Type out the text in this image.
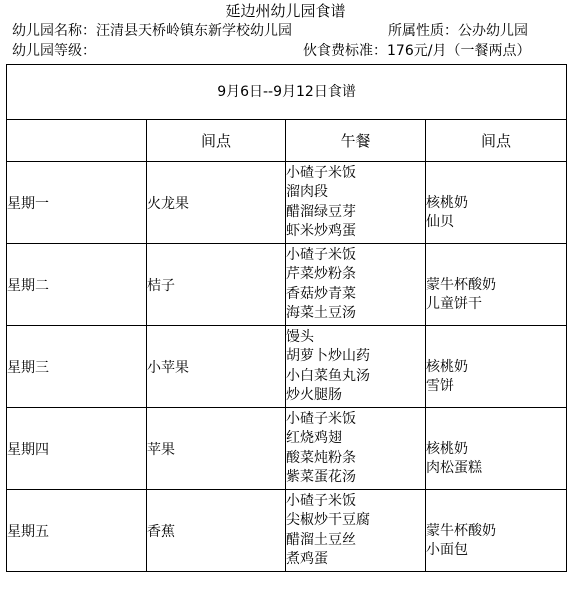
延边州幼儿园食谱
幼儿园名称：汪清县天桥岭镇东新学校幼儿园	所属性质：公办幼儿园
幼儿园等级：	伙食费标准：176元/月（一餐两点）
9月6日--9月12日食谱			
	间点	午餐	间点
星期一	火龙果	小碴子米饭
溜肉段
醋溜绿豆芽
虾米炒鸡蛋	核桃奶
仙贝

星期二	桔子	小碴子米饭
芹菜炒粉条
香菇炒青菜
海菜土豆汤	蒙牛杯酸奶
儿童饼干

星期三	小苹果	馒头
胡萝卜炒山药
小白菜鱼丸汤
炒火腿肠	核桃奶
雪饼

星期四	苹果	小碴子米饭
红烧鸡翅
酸菜炖粉条
紫菜蛋花汤	核桃奶
肉松蛋糕

星期五	香蕉	小碴子米饭
尖椒炒干豆腐
醋溜土豆丝
煮鸡蛋	蒙牛杯酸奶
小面包
